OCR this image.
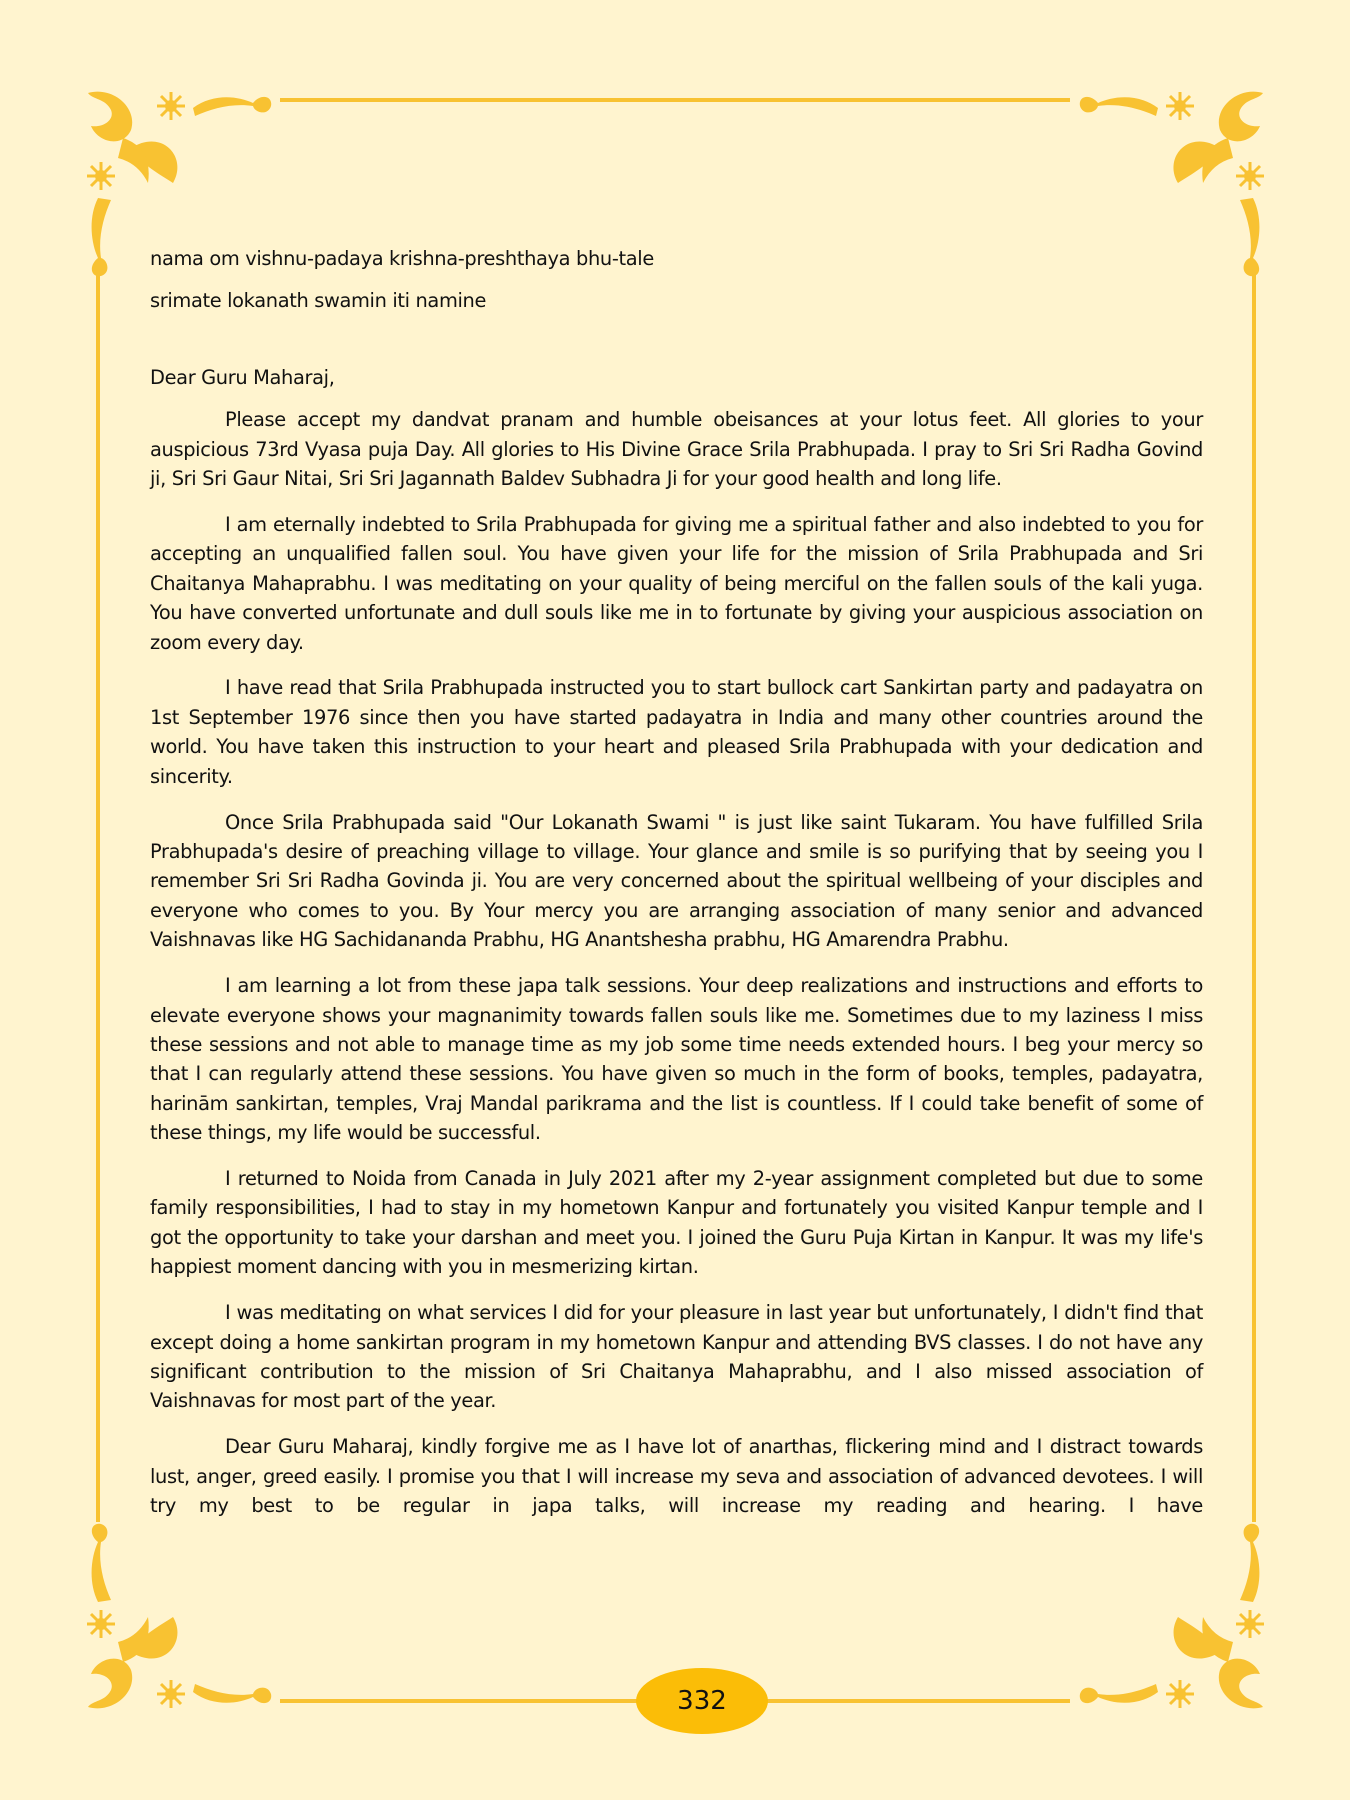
nama om vishnu-padaya krishna-preshthaya bhu-tale

srimate lokanath swamin iti namine

Dear Guru Maharaj,

Please accept my dandvat pranam and humble obeisances at your lotus feet. All glories to your auspicious 73rd Vyasa puja Day. All glories to His Divine Grace Srila Prabhupada. I pray to Sri Sri Radha Govind ji, Sri Sri Gaur Nitai, Sri Sri Jagannath Baldev Subhadra Ji for your good health and long life.

I am eternally indebted to Srila Prabhupada for giving me a spiritual father and also indebted to you for accepting an unqualified fallen soul. You have given your life for the mission of Srila Prabhupada and Sri Chaitanya Mahaprabhu. I was meditating on your quality of being merciful on the fallen souls of the kali yuga. You have converted unfortunate and dull souls like me in to fortunate by giving your auspicious association on zoom every day.

I have read that Srila Prabhupada instructed you to start bullock cart Sankirtan party and padayatra on 1st September 1976 since then you have started padayatra in India and many other countries around the world. You have taken this instruction to your heart and pleased Srila Prabhupada with your dedication and sincerity.

Once Srila Prabhupada said "Our Lokanath Swami " is just like saint Tukaram. You have fulfilled Srila Prabhupada's desire of preaching village to village. Your glance and smile is so purifying that by seeing you I remember Sri Sri Radha Govinda ji. You are very concerned about the spiritual wellbeing of your disciples and everyone who comes to you. By Your mercy you are arranging association of many senior and advanced Vaishnavas like HG Sachidananda Prabhu, HG Anantshesha prabhu, HG Amarendra Prabhu.

I am learning a lot from these japa talk sessions. Your deep realizations and instructions and efforts to elevate everyone shows your magnanimity towards fallen souls like me. Sometimes due to my laziness I miss these sessions and not able to manage time as my job some time needs extended hours. I beg your mercy so that I can regularly attend these sessions. You have given so much in the form of books, temples, padayatra, harinām sankirtan, temples, Vraj Mandal parikrama and the list is countless. If I could take benefit of some of these things, my life would be successful.

I returned to Noida from Canada in July 2021 after my 2-year assignment completed but due to some family responsibilities, I had to stay in my hometown Kanpur and fortunately you visited Kanpur temple and I got the opportunity to take your darshan and meet you. I joined the Guru Puja Kirtan in Kanpur. It was my life's happiest moment dancing with you in mesmerizing kirtan.

I was meditating on what services I did for your pleasure in last year but unfortunately, I didn't find that except doing a home sankirtan program in my hometown Kanpur and attending BVS classes. I do not have any significant contribution to the mission of Sri Chaitanya Mahaprabhu, and I also missed association of Vaishnavas for most part of the year.

Dear Guru Maharaj, kindly forgive me as I have lot of anarthas, flickering mind and I distract towards lust, anger, greed easily. I promise you that I will increase my seva and association of advanced devotees. I will try my best to be regular in japa talks, will increase my reading and hearing. I have

332
